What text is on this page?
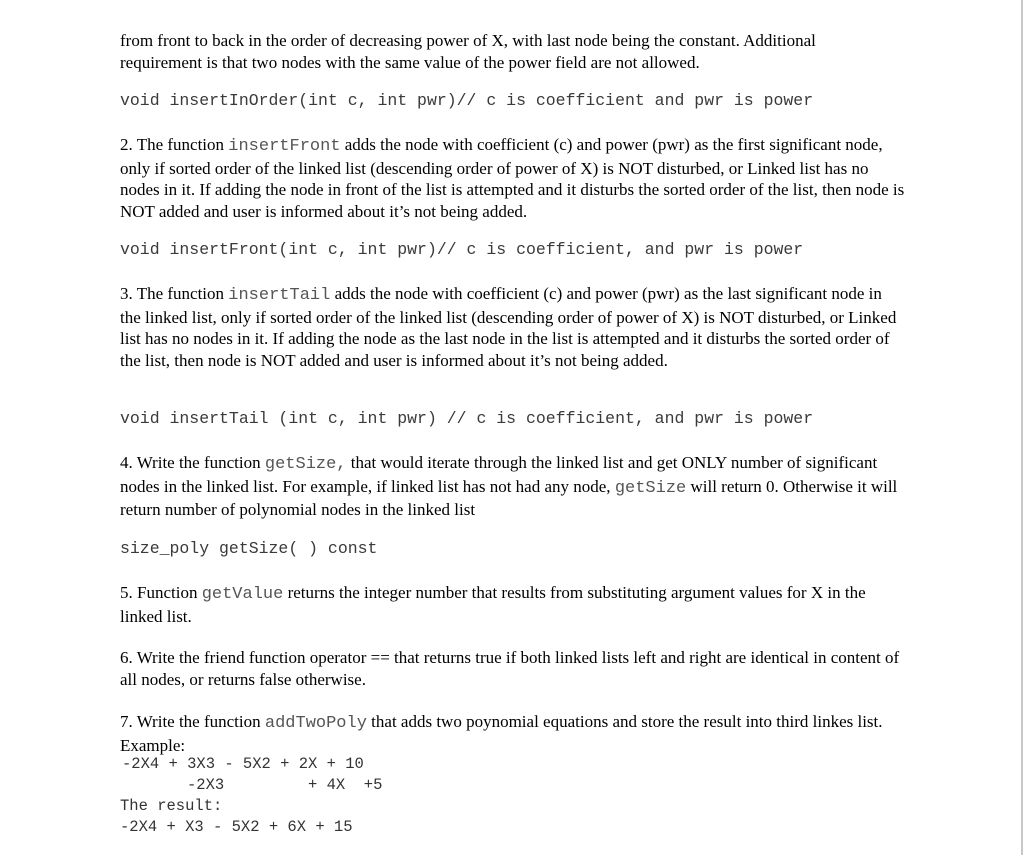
from front to back in the order of decreasing power of X, with last node being the constant. Additional
requirement is that two nodes with the same value of the power field are not allowed.

void insertInOrder(int c, int pwr)// c is coefficient and pwr is power

2. The function insertFront adds the node with coefficient (c) and power (pwr) as the first significant node, only if sorted order of the linked list (descending order of power of X) is NOT disturbed, or Linked list has no nodes in it. If adding the node in front of the list is attempted and it disturbs the sorted order of the list, then node is NOT added and user is informed about it’s not being added.

void insertFront(int c, int pwr)// c is coefficient, and pwr is power

3. The function insertTail adds the node with coefficient (c) and power (pwr) as the last significant node in the linked list, only if sorted order of the linked list (descending order of power of X) is NOT disturbed, or Linked list has no nodes in it. If adding the node as the last node in the list is attempted and it disturbs the sorted order of the list, then node is NOT added and user is informed about it’s not being added.

void insertTail (int c, int pwr) // c is coefficient, and pwr is power

4. Write the function getSize, that would iterate through the linked list and get ONLY number of significant nodes in the linked list. For example, if linked list has not had any node, getSize will return 0. Otherwise it will return number of polynomial nodes in the linked list

size_poly getSize( ) const

5. Function getValue returns the integer number that results from substituting argument values for X in the linked list.

6. Write the friend function operator == that returns true if both linked lists left and right are identical in content of all nodes, or returns false otherwise.

7. Write the function addTwoPoly that adds two poynomial equations and store the result into third linkes list. Example:

-2X4 + 3X3 - 5X2 + 2X + 10
-2X3	+ 4X  +5
The result:
-2X4 + X3 - 5X2 + 6X + 15
